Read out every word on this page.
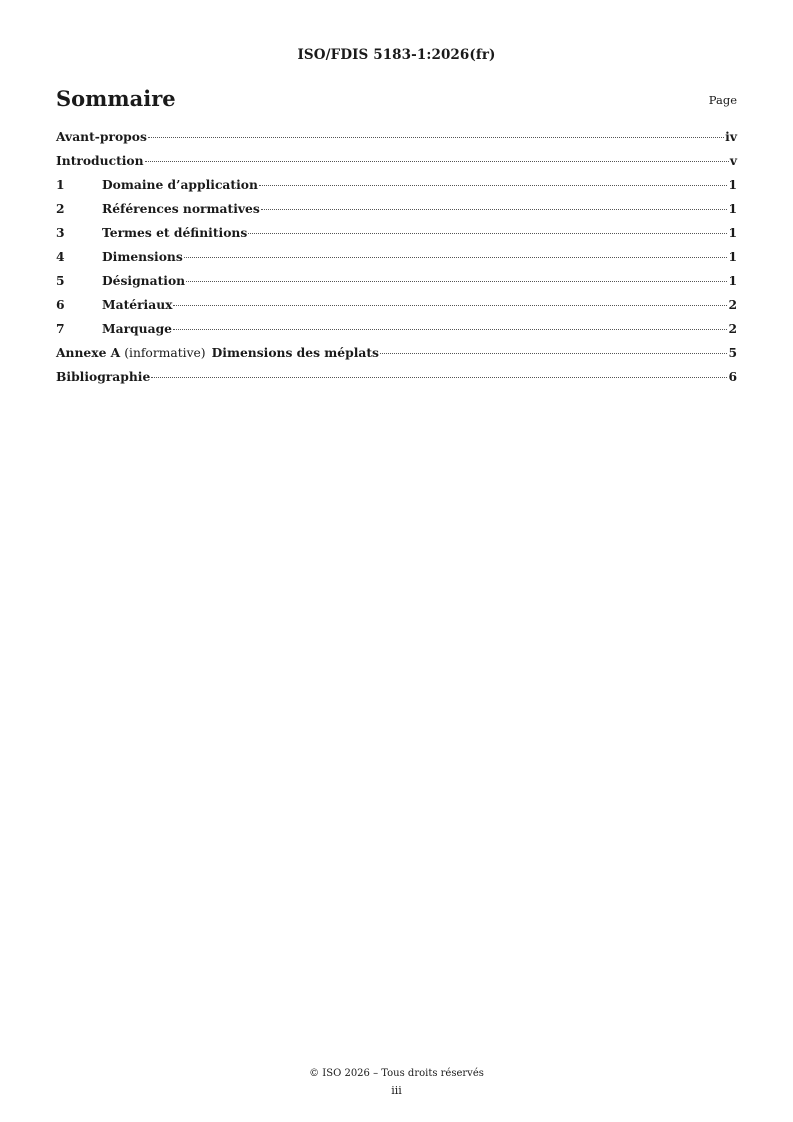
ISO/FDIS 5183-1:2026(fr)
Sommaire	Page
Avant-propos	iv
Introduction	v
1	Domaine d’application	1
2	Références normatives	1
3	Termes et définitions	1
4	Dimensions	1
5	Désignation	1
6	Matériaux	2
7	Marquage	2
Annexe A (informative) Dimensions des méplats	5
Bibliographie	6
© ISO 2026 – Tous droits réservés
iii
